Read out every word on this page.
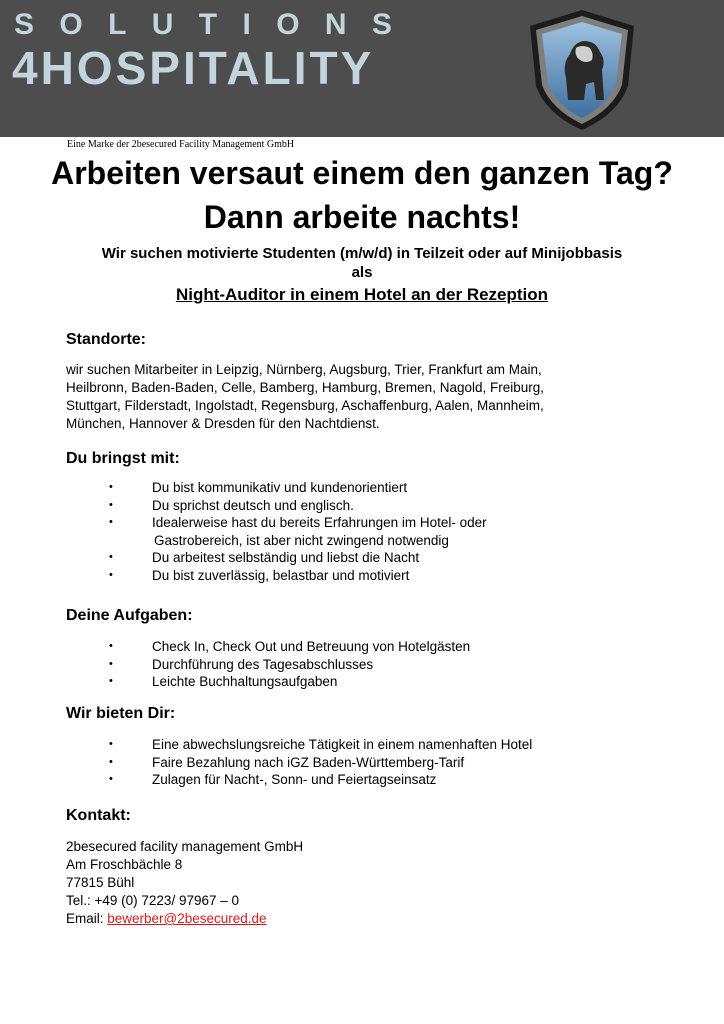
S O L U T I O N S
4HOSPITALITY
Eine Marke der 2besecured Facility Management GmbH
Arbeiten versaut einem den ganzen Tag? Dann arbeite nachts!

Wir suchen motivierte Studenten (m/w/d) in Teilzeit oder auf Minijobbasis als

Night-Auditor in einem Hotel an der Rezeption

Standorte:
wir suchen Mitarbeiter in Leipzig, Nürnberg, Augsburg, Trier, Frankfurt am Main,
Heilbronn, Baden-Baden, Celle, Bamberg, Hamburg, Bremen, Nagold, Freiburg,
Stuttgart, Filderstadt, Ingolstadt, Regensburg, Aschaffenburg, Aalen, Mannheim,
München, Hannover & Dresden für den Nachtdienst.
Du bringst mit:
•	Du bist kommunikativ und kundenorientiert
•	Du sprichst deutsch und englisch.
•	Idealerweise hast du bereits Erfahrungen im Hotel- oder
Gastrobereich, ist aber nicht zwingend notwendig
•	Du arbeitest selbständig und liebst die Nacht
•	Du bist zuverlässig, belastbar und motiviert
Deine Aufgaben:
•	Check In, Check Out und Betreuung von Hotelgästen
•	Durchführung des Tagesabschlusses
•	Leichte Buchhaltungsaufgaben
Wir bieten Dir:
•	Eine abwechslungsreiche Tätigkeit in einem namenhaften Hotel
•	Faire Bezahlung nach iGZ Baden-Württemberg-Tarif
•	Zulagen für Nacht-, Sonn- und Feiertagseinsatz
Kontakt:
2besecured facility management GmbH
Am Froschbächle 8
77815 Bühl
Tel.: +49 (0) 7223/ 97967 – 0
Email: bewerber@2besecured.de
